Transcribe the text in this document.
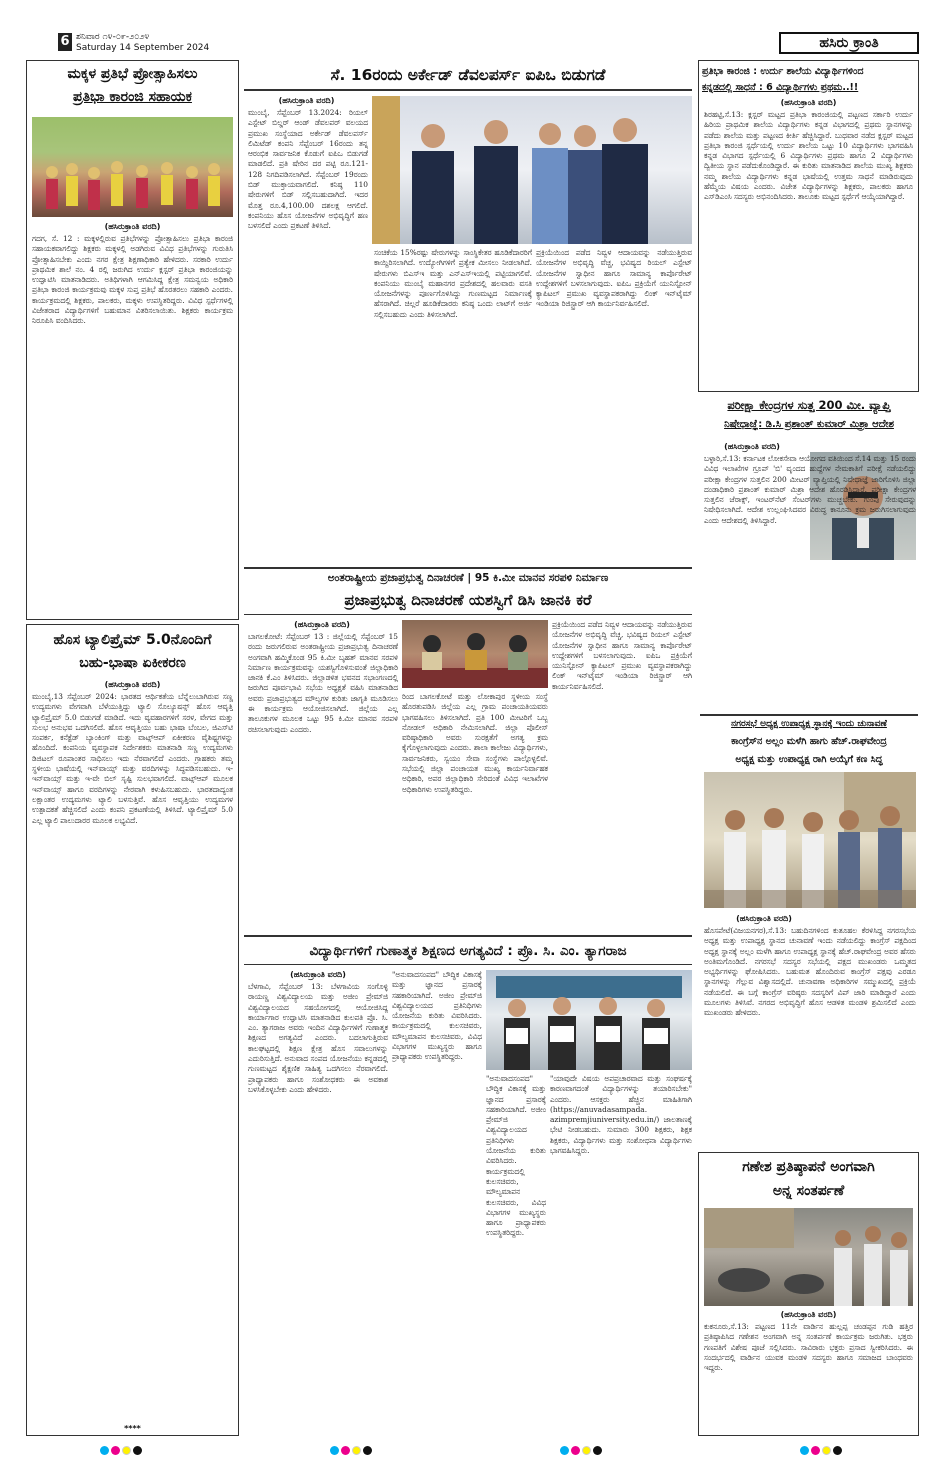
6 ಶನಿವಾರ ೧೪-೦೯-೨೦೨೪
Saturday 14 September 2024	ಹಸಿರು ಕ್ರಾಂತಿ
ಮಕ್ಕಳ ಪ್ರತಿಭೆ ಪ್ರೋತ್ಸಾಹಿಸಲು
ಪ್ರತಿಭಾ ಕಾರಂಜಿ ಸಹಾಯಕ
(ಹಸಿರುಕ್ರಾಂತಿ ವರದಿ)
ಗದಗ, ಸೆ. 12 : ಮಕ್ಕಳಲ್ಲಿರುವ ಪ್ರತಿಭೆಗಳನ್ನು ಪ್ರೋತ್ಸಾಹಿಸಲು ಪ್ರತಿಭಾ ಕಾರಂಜಿ ಸಹಾಯಕವಾಗಲಿದ್ದು ಶಿಕ್ಷಕರು ಮಕ್ಕಳಲ್ಲಿ ಅಡಗಿರುವ ವಿವಿಧ ಪ್ರತಿಭೆಗಳನ್ನು ಗುರುತಿಸಿ ಪ್ರೋತ್ಸಾಹಿಸಬೇಕು ಎಂದು ನಗರ ಕ್ಷೇತ್ರ ಶಿಕ್ಷಣಾಧಿಕಾರಿ ಹೇಳಿದರು. ಸರಕಾರಿ ಉರ್ದು ಪ್ರಾಥಮಿಕ ಶಾಲೆ ನಂ. 4 ರಲ್ಲಿ ಜರುಗಿದ ಉರ್ದು ಕ್ಲಸ್ಟರ್ ಪ್ರತಿಭಾ ಕಾರಂಜಿಯನ್ನು ಉದ್ಘಾಟಿಸಿ ಮಾತನಾಡಿದರು. ಅತಿಥಿಗಳಾಗಿ ಆಗಮಿಸಿದ್ದ ಕ್ಷೇತ್ರ ಸಮನ್ವಯ ಅಧಿಕಾರಿ ಪ್ರತಿಭಾ ಕಾರಂಜಿ ಕಾರ್ಯಕ್ರಮವು ಮಕ್ಕಳ ಸುಪ್ತ ಪ್ರತಿಭೆ ಹೊರತರಲು ಸಹಕಾರಿ ಎಂದರು. ಕಾರ್ಯಕ್ರಮದಲ್ಲಿ ಶಿಕ್ಷಕರು, ಪಾಲಕರು, ಮಕ್ಕಳು ಉಪಸ್ಥಿತರಿದ್ದರು. ವಿವಿಧ ಸ್ಪರ್ಧೆಗಳಲ್ಲಿ ವಿಜೇತರಾದ ವಿದ್ಯಾರ್ಥಿಗಳಿಗೆ ಬಹುಮಾನ ವಿತರಿಸಲಾಯಿತು. ಶಿಕ್ಷಕರು ಕಾರ್ಯಕ್ರಮ ನಿರೂಪಿಸಿ ವಂದಿಸಿದರು.
ಹೊಸ ಟ್ಯಾಲಿಪ್ರೈಮ್ 5.0ನೊಂದಿಗೆ
ಬಹು-ಭಾಷಾ ಏಕೀಕರಣ
(ಹಸಿರುಕ್ರಾಂತಿ ವರದಿ)
ಮುಂಬೈ,13 ಸೆಪ್ಟೆಂಬರ್ 2024: ಭಾರತದ ಆರ್ಥಿಕತೆಯ ಬೆನ್ನೆಲುಬಾಗಿರುವ ಸಣ್ಣ ಉದ್ಯಮಗಳು ವೇಗವಾಗಿ ಬೆಳೆಯುತ್ತಿದ್ದು ಟ್ಯಾಲಿ ಸೊಲ್ಯೂಷನ್ಸ್ ಹೊಸ ಆವೃತ್ತಿ ಟ್ಯಾಲಿಪ್ರೈಮ್ 5.0 ಬಿಡುಗಡೆ ಮಾಡಿದೆ. ಇದು ವ್ಯವಹಾರಗಳಿಗೆ ಸರಳ, ವೇಗದ ಮತ್ತು ಸುಲಭ ಅನುಭವ ಒದಗಿಸಲಿದೆ. ಹೊಸ ಆವೃತ್ತಿಯು ಬಹು ಭಾಷಾ ಬೆಂಬಲ, ಜಿಎಸ್‌ಟಿ ಸಂಪರ್ಕ, ಕನೆಕ್ಟೆಡ್ ಬ್ಯಾಂಕಿಂಗ್ ಮತ್ತು ವಾಟ್ಸ್‌ಆಪ್ ಏಕೀಕರಣ ವೈಶಿಷ್ಟ್ಯಗಳನ್ನು ಹೊಂದಿದೆ. ಕಂಪನಿಯ ವ್ಯವಸ್ಥಾಪಕ ನಿರ್ದೇಶಕರು ಮಾತನಾಡಿ ಸಣ್ಣ ಉದ್ಯಮಗಳು ಡಿಜಿಟಲ್ ರೂಪಾಂತರ ಸಾಧಿಸಲು ಇದು ನೆರವಾಗಲಿದೆ ಎಂದರು. ಗ್ರಾಹಕರು ತಮ್ಮ ಸ್ಥಳೀಯ ಭಾಷೆಯಲ್ಲಿ ಇನ್‌ವಾಯ್ಸ್ ಮತ್ತು ವರದಿಗಳನ್ನು ಸಿದ್ಧಪಡಿಸಬಹುದು. ಇ-ಇನ್‌ವಾಯ್ಸ್ ಮತ್ತು ಇ-ವೇ ಬಿಲ್ ಸೃಷ್ಟಿ ಸುಲಭವಾಗಲಿದೆ. ವಾಟ್ಸ್‌ಆಪ್ ಮೂಲಕ ಇನ್‌ವಾಯ್ಸ್ ಹಾಗೂ ವರದಿಗಳನ್ನು ನೇರವಾಗಿ ಕಳುಹಿಸಬಹುದು. ಭಾರತದಾದ್ಯಂತ ಲಕ್ಷಾಂತರ ಉದ್ಯಮಗಳು ಟ್ಯಾಲಿ ಬಳಸುತ್ತಿವೆ. ಹೊಸ ಆವೃತ್ತಿಯು ಉದ್ಯಮಗಳ ಉತ್ಪಾದಕತೆ ಹೆಚ್ಚಿಸಲಿದೆ ಎಂದು ಕಂಪನಿ ಪ್ರಕಟಣೆಯಲ್ಲಿ ತಿಳಿಸಿದೆ. ಟ್ಯಾಲಿಪ್ರೈಮ್ 5.0 ಎಲ್ಲ ಟ್ಯಾಲಿ ಪಾಲುದಾರರ ಮೂಲಕ ಲಭ್ಯವಿದೆ.
****
ಸೆ. 16ರಂದು ಅರ್ಕೇಡ್ ಡೆವಲಪರ್ಸ್ ಐಪಿಒ ಬಿಡುಗಡೆ
(ಹಸಿರುಕ್ರಾಂತಿ ವರದಿ)
ಮುಂಬೈ, ಸೆಪ್ಟೆಂಬರ್ 13.2024: ರಿಯಲ್ ಎಸ್ಟೇಟ್ ಬಿಲ್ಡರ್ ಆಂಡ್ ಡೆವಲಪರ್ ವಲಯದ ಪ್ರಮುಖ ಸಂಸ್ಥೆಯಾದ ಅರ್ಕೇಡ್ ಡೆವಲಪರ್ಸ್ ಲಿಮಿಟೆಡ್ ಕಂಪನಿ ಸೆಪ್ಟೆಂಬರ್ 16ರಂದು ತನ್ನ ಆರಂಭಿಕ ಸಾರ್ವಜನಿಕ ಕೊಡುಗೆ ಐಪಿಒ ಬಿಡುಗಡೆ ಮಾಡಲಿದೆ. ಪ್ರತಿ ಷೇರಿನ ದರ ಪಟ್ಟಿ ರೂ.121-128 ನಿಗದಿಪಡಿಸಲಾಗಿದೆ. ಸೆಪ್ಟೆಂಬರ್ 19ರಂದು ಬಿಡ್ ಮುಕ್ತಾಯವಾಗಲಿದೆ. ಕನಿಷ್ಠ 110 ಷೇರುಗಳಿಗೆ ಬಿಡ್ ಸಲ್ಲಿಸಬಹುದಾಗಿದೆ. ಇದರ ಮೊತ್ತ ರೂ.4,100.00 ದಶಲಕ್ಷ ಆಗಲಿದೆ. ಕಂಪನಿಯು ಹೊಸ ಯೋಜನೆಗಳ ಅಭಿವೃದ್ಧಿಗೆ ಹಣ ಬಳಸಲಿದೆ ಎಂದು ಪ್ರಕಟಣೆ ತಿಳಿಸಿದೆ.
ಸಂಚಿಕೆಯ 15%ರಷ್ಟು ಷೇರುಗಳನ್ನು ಸಾಂಸ್ಥಿಕೇತರ ಹೂಡಿಕೆದಾರರಿಗೆ ಕಾಯ್ದಿರಿಸಲಾಗಿದೆ. ಉದ್ಯೋಗಿಗಳಿಗೆ ಪ್ರತ್ಯೇಕ ಮೀಸಲು ನೀಡಲಾಗಿದೆ. ಷೇರುಗಳು ಬಿಎಸ್‌ಇ ಮತ್ತು ಎನ್‌ಎಸ್‌ಇಯಲ್ಲಿ ಪಟ್ಟಿಯಾಗಲಿವೆ. ಕಂಪನಿಯು ಮುಂಬೈ ಮಹಾನಗರ ಪ್ರದೇಶದಲ್ಲಿ ಹಲವಾರು ವಸತಿ ಯೋಜನೆಗಳನ್ನು ಪೂರ್ಣಗೊಳಿಸಿದ್ದು ಗುಣಮಟ್ಟದ ನಿರ್ಮಾಣಕ್ಕೆ ಹೆಸರಾಗಿದೆ. ಚಿಲ್ಲರೆ ಹೂಡಿಕೆದಾರರು ಕನಿಷ್ಠ ಒಂದು ಲಾಟ್‌ಗೆ ಅರ್ಜಿ ಸಲ್ಲಿಸಬಹುದು ಎಂದು ತಿಳಿಸಲಾಗಿದೆ.
ಪ್ರಕ್ರಿಯೆಯಿಂದ ಪಡೆದ ನಿವ್ವಳ ಆದಾಯವನ್ನು ನಡೆಯುತ್ತಿರುವ ಯೋಜನೆಗಳ ಅಭಿವೃದ್ಧಿ ವೆಚ್ಚ, ಭವಿಷ್ಯದ ರಿಯಲ್ ಎಸ್ಟೇಟ್ ಯೋಜನೆಗಳ ಸ್ವಾಧೀನ ಹಾಗೂ ಸಾಮಾನ್ಯ ಕಾರ್ಪೊರೇಟ್ ಉದ್ದೇಶಗಳಿಗೆ ಬಳಸಲಾಗುವುದು. ಐಪಿಒ ಪ್ರಕ್ರಿಯೆಗೆ ಯುನಿಸ್ಟೋನ್ ಕ್ಯಾಪಿಟಲ್ ಪ್ರಮುಖ ವ್ಯವಸ್ಥಾಪಕರಾಗಿದ್ದು ಲಿಂಕ್ ಇನ್‌ಟೈಮ್ ಇಂಡಿಯಾ ರಿಜಿಸ್ಟ್ರಾರ್ ಆಗಿ ಕಾರ್ಯನಿರ್ವಹಿಸಲಿದೆ.
ಅಂತರಾಷ್ಟ್ರೀಯ ಪ್ರಜಾಪ್ರಭುತ್ವ ದಿನಾಚರಣೆ | 95 ಕಿ.ಮೀ ಮಾನವ ಸರಪಳಿ ನಿರ್ಮಾಣ
ಪ್ರಜಾಪ್ರಭುತ್ವ ದಿನಾಚರಣೆ ಯಶಸ್ವಿಗೆ ಡಿಸಿ ಜಾನಕಿ ಕರೆ
(ಹಸಿರುಕ್ರಾಂತಿ ವರದಿ)
ಬಾಗಲಕೋಟೆ: ಸೆಪ್ಟೆಂಬರ್ 13 : ಜಿಲ್ಲೆಯಲ್ಲಿ ಸೆಪ್ಟೆಂಬರ್ 15 ರಂದು ಜರುಗಲಿರುವ ಅಂತರಾಷ್ಟ್ರೀಯ ಪ್ರಜಾಪ್ರಭುತ್ವ ದಿನಾಚರಣೆ ಅಂಗವಾಗಿ ಹಮ್ಮಿಕೊಂಡ 95 ಕಿ.ಮೀ ಬೃಹತ್ ಮಾನವ ಸರಪಳಿ ನಿರ್ಮಾಣ ಕಾರ್ಯಕ್ರಮವನ್ನು ಯಶಸ್ವಿಗೊಳಿಸುವಂತೆ ಜಿಲ್ಲಾಧಿಕಾರಿ ಜಾನಕಿ ಕೆ.ಎಂ ತಿಳಿಸಿದರು. ಜಿಲ್ಲಾಡಳಿತ ಭವನದ ಸಭಾಂಗಣದಲ್ಲಿ ಜರುಗಿದ ಪೂರ್ವಭಾವಿ ಸಭೆಯ ಅಧ್ಯಕ್ಷತೆ ವಹಿಸಿ ಮಾತನಾಡಿದ ಅವರು ಪ್ರಜಾಪ್ರಭುತ್ವದ ಮೌಲ್ಯಗಳ ಕುರಿತು ಜಾಗೃತಿ ಮೂಡಿಸಲು ಈ ಕಾರ್ಯಕ್ರಮ ಆಯೋಜಿಸಲಾಗಿದೆ. ಜಿಲ್ಲೆಯ ಎಲ್ಲ ತಾಲೂಕುಗಳ ಮೂಲಕ ಒಟ್ಟು 95 ಕಿ.ಮೀ ಮಾನವ ಸರಪಳಿ ರಚಿಸಲಾಗುವುದು ಎಂದರು.
ರಿಂದ ಬಾಗಲಕೋಟೆ ಮತ್ತು ಲೋಕಾಪುರ ಸ್ಥಳೀಯ ಸಂಸ್ಥೆ ಹೊರತುಪಡಿಸಿ ಜಿಲ್ಲೆಯ ಎಲ್ಲ ಗ್ರಾಮ ಪಂಚಾಯತಿಯವರು ಭಾಗವಹಿಸಲು ತಿಳಿಸಲಾಗಿದೆ. ಪ್ರತಿ 100 ಮೀಟರಿಗೆ ಒಬ್ಬ ನೋಡಲ್ ಅಧಿಕಾರಿ ನೇಮಿಸಲಾಗಿದೆ. ಜಿಲ್ಲಾ ಪೊಲೀಸ್ ವರಿಷ್ಠಾಧಿಕಾರಿ ಅವರು ಸುರಕ್ಷತೆಗೆ ಅಗತ್ಯ ಕ್ರಮ ಕೈಗೊಳ್ಳಲಾಗುವುದು ಎಂದರು. ಶಾಲಾ ಕಾಲೇಜು ವಿದ್ಯಾರ್ಥಿಗಳು, ಸಾರ್ವಜನಿಕರು, ಸ್ವಯಂ ಸೇವಾ ಸಂಸ್ಥೆಗಳು ಪಾಲ್ಗೊಳ್ಳಲಿವೆ. ಸಭೆಯಲ್ಲಿ ಜಿಲ್ಲಾ ಪಂಚಾಯತ ಮುಖ್ಯ ಕಾರ್ಯನಿರ್ವಾಹಕ ಅಧಿಕಾರಿ, ಅಪರ ಜಿಲ್ಲಾಧಿಕಾರಿ ಸೇರಿದಂತೆ ವಿವಿಧ ಇಲಾಖೆಗಳ ಅಧಿಕಾರಿಗಳು ಉಪಸ್ಥಿತರಿದ್ದರು.
ಪ್ರಕ್ರಿಯೆಯಿಂದ ಪಡೆದ ನಿವ್ವಳ ಆದಾಯವನ್ನು ನಡೆಯುತ್ತಿರುವ ಯೋಜನೆಗಳ ಅಭಿವೃದ್ಧಿ ವೆಚ್ಚ, ಭವಿಷ್ಯದ ರಿಯಲ್ ಎಸ್ಟೇಟ್ ಯೋಜನೆಗಳ ಸ್ವಾಧೀನ ಹಾಗೂ ಸಾಮಾನ್ಯ ಕಾರ್ಪೊರೇಟ್ ಉದ್ದೇಶಗಳಿಗೆ ಬಳಸಲಾಗುವುದು. ಐಪಿಒ ಪ್ರಕ್ರಿಯೆಗೆ ಯುನಿಸ್ಟೋನ್ ಕ್ಯಾಪಿಟಲ್ ಪ್ರಮುಖ ವ್ಯವಸ್ಥಾಪಕರಾಗಿದ್ದು ಲಿಂಕ್ ಇನ್‌ಟೈಮ್ ಇಂಡಿಯಾ ರಿಜಿಸ್ಟ್ರಾರ್ ಆಗಿ ಕಾರ್ಯನಿರ್ವಹಿಸಲಿದೆ.
ವಿದ್ಯಾರ್ಥಿಗಳಿಗೆ ಗುಣಾತ್ಮಕ ಶಿಕ್ಷಣದ ಅಗತ್ಯವಿದೆ : ಪ್ರೊ. ಸಿ. ಎಂ. ತ್ಯಾಗರಾಜ
(ಹಸಿರುಕ್ರಾಂತಿ ವರದಿ)
ಬೆಳಗಾವಿ, ಸೆಪ್ಟೆಂಬರ್ 13: ಬೆಳಗಾವಿಯ ಸಂಗೊಳ್ಳಿ ರಾಯಣ್ಣ ವಿಶ್ವವಿದ್ಯಾಲಯ ಮತ್ತು ಅಜೀಂ ಪ್ರೇಮ್‌ಜಿ ವಿಶ್ವವಿದ್ಯಾಲಯದ ಸಹಯೋಗದಲ್ಲಿ ಆಯೋಜಿಸಿದ್ದ ಕಾರ್ಯಾಗಾರ ಉದ್ಘಾಟಿಸಿ ಮಾತನಾಡಿದ ಕುಲಪತಿ ಪ್ರೊ. ಸಿ. ಎಂ. ತ್ಯಾಗರಾಜ ಅವರು ಇಂದಿನ ವಿದ್ಯಾರ್ಥಿಗಳಿಗೆ ಗುಣಾತ್ಮಕ ಶಿಕ್ಷಣದ ಅಗತ್ಯವಿದೆ ಎಂದರು. ಬದಲಾಗುತ್ತಿರುವ ಕಾಲಘಟ್ಟದಲ್ಲಿ ಶಿಕ್ಷಣ ಕ್ಷೇತ್ರ ಹೊಸ ಸವಾಲುಗಳನ್ನು ಎದುರಿಸುತ್ತಿದೆ. ಅನುವಾದ ಸಂಪದ ಯೋಜನೆಯು ಕನ್ನಡದಲ್ಲಿ ಗುಣಮಟ್ಟದ ಶೈಕ್ಷಣಿಕ ಸಾಹಿತ್ಯ ಒದಗಿಸಲು ನೆರವಾಗಲಿದೆ. ಪ್ರಾಧ್ಯಾಪಕರು ಹಾಗೂ ಸಂಶೋಧಕರು ಈ ಅವಕಾಶ ಬಳಸಿಕೊಳ್ಳಬೇಕು ಎಂದು ಹೇಳಿದರು.
"ಅನುವಾದಸಂಪದ" ಬೌದ್ಧಿಕ ವಿಕಾಸಕ್ಕೆ ಮತ್ತು ಜ್ಞಾನದ ಪ್ರಸಾರಕ್ಕೆ ಸಹಕಾರಿಯಾಗಿದೆ. ಅಜೀಂ ಪ್ರೇಮ್‌ಜಿ ವಿಶ್ವವಿದ್ಯಾಲಯದ ಪ್ರತಿನಿಧಿಗಳು ಯೋಜನೆಯ ಕುರಿತು ವಿವರಿಸಿದರು. ಕಾರ್ಯಕ್ರಮದಲ್ಲಿ ಕುಲಸಚಿವರು, ಮೌಲ್ಯಮಾಪನ ಕುಲಸಚಿವರು, ವಿವಿಧ ವಿಭಾಗಗಳ ಮುಖ್ಯಸ್ಥರು ಹಾಗೂ ಪ್ರಾಧ್ಯಾಪಕರು ಉಪಸ್ಥಿತರಿದ್ದರು.
"ಯಾವುದೇ ವಿಷಯ ಅಪಪ್ರಚಾರವಾದ ಮತ್ತು ಸಂಘರ್ಷಕ್ಕೆ ಕಾರಣವಾಗದಂತೆ ವಿದ್ಯಾರ್ಥಿಗಳನ್ನು ತಯಾರಿಸಬೇಕು" ಎಂದರು. ಆಸಕ್ತರು ಹೆಚ್ಚಿನ ಮಾಹಿತಿಗಾಗಿ (https://anuvadasampada. azimpremjiuniversity.edu.in/) ಜಾಲತಾಣಕ್ಕೆ ಭೇಟಿ ನೀಡಬಹುದು. ಸುಮಾರು 300 ಶಿಕ್ಷಕರು, ಶಿಕ್ಷಕ ಶಿಕ್ಷಕರು, ವಿದ್ಯಾರ್ಥಿಗಳು ಮತ್ತು ಸಂಶೋಧನಾ ವಿದ್ಯಾರ್ಥಿಗಳು ಭಾಗವಹಿಸಿದ್ದರು.
"ಅನುವಾದಸಂಪದ" ಬೌದ್ಧಿಕ ವಿಕಾಸಕ್ಕೆ ಮತ್ತು ಜ್ಞಾನದ ಪ್ರಸಾರಕ್ಕೆ ಸಹಕಾರಿಯಾಗಿದೆ. ಅಜೀಂ ಪ್ರೇಮ್‌ಜಿ ವಿಶ್ವವಿದ್ಯಾಲಯದ ಪ್ರತಿನಿಧಿಗಳು ಯೋಜನೆಯ ಕುರಿತು ವಿವರಿಸಿದರು. ಕಾರ್ಯಕ್ರಮದಲ್ಲಿ ಕುಲಸಚಿವರು, ಮೌಲ್ಯಮಾಪನ ಕುಲಸಚಿವರು, ವಿವಿಧ ವಿಭಾಗಗಳ ಮುಖ್ಯಸ್ಥರು ಹಾಗೂ ಪ್ರಾಧ್ಯಾಪಕರು ಉಪಸ್ಥಿತರಿದ್ದರು.
ಪ್ರತಿಭಾ ಕಾರಂಜಿ : ಉರ್ದು ಶಾಲೆಯ ವಿದ್ಯಾರ್ಥಿಗಳಿಂದ
ಕನ್ನಡದಲ್ಲಿ ಸಾಧನೆ : 6 ವಿದ್ಯಾರ್ಥಿಗಳು ಪ್ರಥಮ..!!
(ಹಸಿರುಕ್ರಾಂತಿ ವರದಿ)
ಶಿರಹಟ್ಟಿ,ಸೆ.13: ಕ್ಲಸ್ಟರ್ ಮಟ್ಟದ ಪ್ರತಿಭಾ ಕಾರಂಜಿಯಲ್ಲಿ ಪಟ್ಟಣದ ಸರ್ಕಾರಿ ಉರ್ದು ಹಿರಿಯ ಪ್ರಾಥಮಿಕ ಶಾಲೆಯ ವಿದ್ಯಾರ್ಥಿಗಳು ಕನ್ನಡ ವಿಭಾಗದಲ್ಲಿ ಪ್ರಥಮ ಸ್ಥಾನಗಳನ್ನು ಪಡೆದು ಶಾಲೆಯ ಮತ್ತು ಪಟ್ಟಣದ ಕೀರ್ತಿ ಹೆಚ್ಚಿಸಿದ್ದಾರೆ. ಬುಧವಾರ ನಡೆದ ಕ್ಲಸ್ಟರ್ ಮಟ್ಟದ ಪ್ರತಿಭಾ ಕಾರಂಜಿ ಸ್ಪರ್ಧೆಯಲ್ಲಿ ಉರ್ದು ಶಾಲೆಯ ಒಟ್ಟು 10 ವಿದ್ಯಾರ್ಥಿಗಳು ಭಾಗವಹಿಸಿ ಕನ್ನಡ ವಿಭಾಗದ ಸ್ಪರ್ಧೆಯಲ್ಲಿ 6 ವಿದ್ಯಾರ್ಥಿಗಳು ಪ್ರಥಮ ಹಾಗೂ 2 ವಿದ್ಯಾರ್ಥಿಗಳು ದ್ವಿತೀಯ ಸ್ಥಾನ ಪಡೆದುಕೊಂಡಿದ್ದಾರೆ. ಈ ಕುರಿತು ಮಾತನಾಡಿದ ಶಾಲೆಯ ಮುಖ್ಯ ಶಿಕ್ಷಕರು ನಮ್ಮ ಶಾಲೆಯ ವಿದ್ಯಾರ್ಥಿಗಳು ಕನ್ನಡ ಭಾಷೆಯಲ್ಲಿ ಉತ್ತಮ ಸಾಧನೆ ಮಾಡಿರುವುದು ಹೆಮ್ಮೆಯ ವಿಷಯ ಎಂದರು. ವಿಜೇತ ವಿದ್ಯಾರ್ಥಿಗಳನ್ನು ಶಿಕ್ಷಕರು, ಪಾಲಕರು ಹಾಗೂ ಎಸ್‌ಡಿಎಂಸಿ ಸದಸ್ಯರು ಅಭಿನಂದಿಸಿದರು. ತಾಲೂಕು ಮಟ್ಟದ ಸ್ಪರ್ಧೆಗೆ ಆಯ್ಕೆಯಾಗಿದ್ದಾರೆ.
ಪರೀಕ್ಷಾ ಕೇಂದ್ರಗಳ ಸುತ್ತ 200 ಮೀ. ವ್ಯಾಪ್ತಿ
ನಿಷೇಧಾಜ್ಞೆ: ಡಿ.ಸಿ ಪ್ರಶಾಂತ್ ಕುಮಾರ್ ಮಿಶ್ರಾ ಆದೇಶ
(ಹಸಿರುಕ್ರಾಂತಿ ವರದಿ)
ಬಳ್ಳಾರಿ,ಸೆ.13: ಕರ್ನಾಟಕ ಲೋಕಸೇವಾ ಆಯೋಗದ ವತಿಯಿಂದ ಸೆ.14 ಮತ್ತು 15 ರಂದು ವಿವಿಧ ಇಲಾಖೆಗಳ ಗ್ರೂಪ್ 'ಬಿ' ವೃಂದದ ಹುದ್ದೆಗಳ ನೇಮಕಾತಿಗೆ ಪರೀಕ್ಷೆ ನಡೆಯಲಿದ್ದು ಪರೀಕ್ಷಾ ಕೇಂದ್ರಗಳ ಸುತ್ತಲಿನ 200 ಮೀಟರ್ ವ್ಯಾಪ್ತಿಯಲ್ಲಿ ನಿಷೇಧಾಜ್ಞೆ ಜಾರಿಗೊಳಿಸಿ ಜಿಲ್ಲಾ ದಂಡಾಧಿಕಾರಿ ಪ್ರಶಾಂತ್ ಕುಮಾರ್ ಮಿಶ್ರಾ ಆದೇಶ ಹೊರಡಿಸಿದ್ದಾರೆ. ಪರೀಕ್ಷಾ ಕೇಂದ್ರಗಳ ಸುತ್ತಲಿನ ಜೆರಾಕ್ಸ್, ಇಂಟರ್‌ನೆಟ್ ಸೆಂಟರ್‌ಗಳು ಮುಚ್ಚಬೇಕು. ಗುಂಪು ಸೇರುವುದನ್ನು ನಿಷೇಧಿಸಲಾಗಿದೆ. ಆದೇಶ ಉಲ್ಲಂಘಿಸಿದವರ ವಿರುದ್ಧ ಕಾನೂನು ಕ್ರಮ ಜರುಗಿಸಲಾಗುವುದು ಎಂದು ಆದೇಶದಲ್ಲಿ ತಿಳಿಸಿದ್ದಾರೆ.
ನಗರಸಭೆ ಅಧ್ಯಕ್ಷ ಉಪಾಧ್ಯಕ್ಷ ಸ್ಥಾನಕ್ಕೆ ಇಂದು ಚುನಾವಣೆ
ಕಾಂಗ್ರೆಸ್‌ನ ಅಲ್ಲಂ ಮಳೆಗಿ ಹಾಗು ಹೆಚ್.ರಾಘವೇಂದ್ರ
ಅಧ್ಯಕ್ಷ ಮತ್ತು ಉಪಾಧ್ಯಕ್ಷ ರಾಗಿ ಅಯ್ಕೆಗೆ ಕಣ ಸಿದ್ಧ
(ಹಸಿರುಕ್ರಾಂತಿ ವರದಿ)
ಹೊಸಪೇಟೆ(ವಿಜಯನಗರ),ಸೆ.13: ಬಹುದಿನಗಳಿಂದ ಕುತೂಹಲ ಕೆರಳಿಸಿದ್ದ ನಗರಸಭೆಯ ಅಧ್ಯಕ್ಷ ಮತ್ತು ಉಪಾಧ್ಯಕ್ಷ ಸ್ಥಾನದ ಚುನಾವಣೆ ಇಂದು ನಡೆಯಲಿದ್ದು ಕಾಂಗ್ರೆಸ್ ಪಕ್ಷದಿಂದ ಅಧ್ಯಕ್ಷ ಸ್ಥಾನಕ್ಕೆ ಅಲ್ಲಂ ಮಳೆಗಿ ಹಾಗೂ ಉಪಾಧ್ಯಕ್ಷ ಸ್ಥಾನಕ್ಕೆ ಹೆಚ್.ರಾಘವೇಂದ್ರ ಅವರ ಹೆಸರು ಅಂತಿಮಗೊಂಡಿದೆ. ನಗರಸಭೆ ಸದಸ್ಯರ ಸಭೆಯಲ್ಲಿ ಪಕ್ಷದ ಮುಖಂಡರು ಒಮ್ಮತದ ಅಭ್ಯರ್ಥಿಗಳನ್ನು ಘೋಷಿಸಿದರು. ಬಹುಮತ ಹೊಂದಿರುವ ಕಾಂಗ್ರೆಸ್ ಪಕ್ಷವು ಎರಡೂ ಸ್ಥಾನಗಳನ್ನು ಗೆಲ್ಲುವ ವಿಶ್ವಾಸದಲ್ಲಿದೆ. ಚುನಾವಣಾ ಅಧಿಕಾರಿಗಳ ಸಮ್ಮುಖದಲ್ಲಿ ಪ್ರಕ್ರಿಯೆ ನಡೆಯಲಿದೆ. ಈ ಬಗ್ಗೆ ಕಾಂಗ್ರೆಸ್ ವರಿಷ್ಠರು ಸದಸ್ಯರಿಗೆ ವಿಪ್ ಜಾರಿ ಮಾಡಿದ್ದಾರೆ ಎಂದು ಮೂಲಗಳು ತಿಳಿಸಿವೆ. ನಗರದ ಅಭಿವೃದ್ಧಿಗೆ ಹೊಸ ಆಡಳಿತ ಮಂಡಳಿ ಶ್ರಮಿಸಲಿದೆ ಎಂದು ಮುಖಂಡರು ಹೇಳಿದರು.
ಗಣೇಶ ಪ್ರತಿಷ್ಠಾಪನೆ ಅಂಗವಾಗಿ
ಅನ್ನ ಸಂತರ್ಪಣೆ
(ಹಸಿರುಕ್ರಾಂತಿ ವರದಿ)
ಕುಕನೂರು,ಸೆ.13: ಪಟ್ಟಣದ 11ನೇ ವಾರ್ಡಿನ ಹುಲ್ಲಪ್ಪ ಚಂಡಪ್ಪನ ಗುಡಿ ಹತ್ತಿರ ಪ್ರತಿಷ್ಠಾಪಿಸಿದ ಗಣೇಶನ ಅಂಗವಾಗಿ ಅನ್ನ ಸಂತರ್ಪಣೆ ಕಾರ್ಯಕ್ರಮ ಜರುಗಿತು. ಭಕ್ತರು ಗಣಪತಿಗೆ ವಿಶೇಷ ಪೂಜೆ ಸಲ್ಲಿಸಿದರು. ಸಾವಿರಾರು ಭಕ್ತರು ಪ್ರಸಾದ ಸ್ವೀಕರಿಸಿದರು. ಈ ಸಂದರ್ಭದಲ್ಲಿ ವಾರ್ಡಿನ ಯುವಕ ಮಂಡಳಿ ಸದಸ್ಯರು ಹಾಗೂ ಸಮಾಜದ ಬಾಂಧವರು ಇದ್ದರು.
